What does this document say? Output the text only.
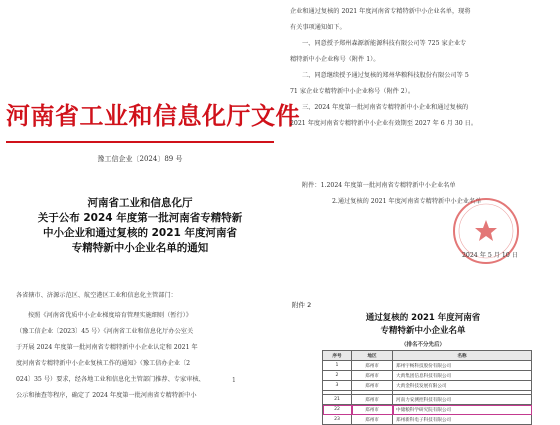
河南省工业和信息化厅文件
豫工信企业〔2024〕89 号
河南省工业和信息化厅
关于公布 2024 年度第一批河南省专精特新
中小企业和通过复核的 2021 年度河南省
专精特新中小企业名单的通知
各省辖市、济源示范区、航空港区工业和信息化主管部门：
按照《河南省优质中小企业梯度培育管理实施细则（暂行）》
（豫工信企业〔2023〕45 号）《河南省工业和信息化厅办公室关
于开展 2024 年度第一批河南省专精特新中小企业认定和 2021 年
度河南省专精特新中小企业复核工作的通知》（豫工信办企业〔2
024〕35 号）要求，经各地工业和信息化主管部门推荐、专家审核、
公示和抽查等程序，确定了 2024 年度第一批河南省专精特新中小
1
企业和通过复核的 2021 年度河南省专精特新中小企业名单，现将
有关事项通知如下。
一、同意授予郑州森源新能源科技有限公司等 725 家企业专
精特新中小企业称号（附件 1）。
二、同意继续授予通过复核的郑州华粮科技股份有限公司等 5
71 家企业专精特新中小企业称号（附件 2）。
三、2024 年度第一批河南省专精特新中小企业和通过复核的
2021 年度河南省专精特新中小企业有效期至 2027 年 6 月 30 日。
附件：1.2024 年度第一批河南省专精特新中小企业名单
2.通过复核的 2021 年度河南省专精特新中小企业名单
2024 年 5 月 10 日
附件 2
通过复核的 2021 年度河南省
专精特新中小企业名单
（排名不分先后）
序号	地区	名称
1	郑州市	郑州宇畅科技股份有限公司
2	郑州市	大禹集团信息科技有限公司
3	郑州市	大禹金科技发展有限公司

21	郑州市	河南力安测控科技有限公司
22	郑州市	中储粮科学研究院有限公司
23	郑州市	郑州新科电子科技有限公司
